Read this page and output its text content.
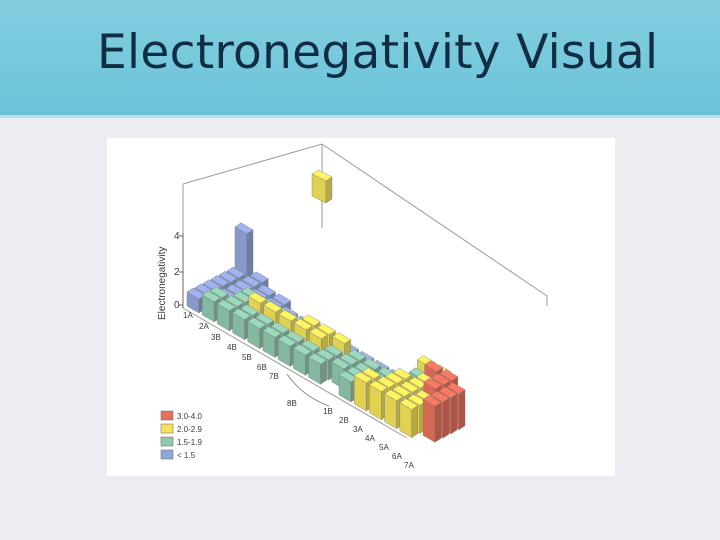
Electronegativity Visual
Electronegativity
4
2
0
1A
2A
3B
4B
5B
6B
7B
8B
1B
2B
3A
4A
5A
6A
7A
3.0-4.0
2.0-2.9
1.5-1.9
< 1.5
